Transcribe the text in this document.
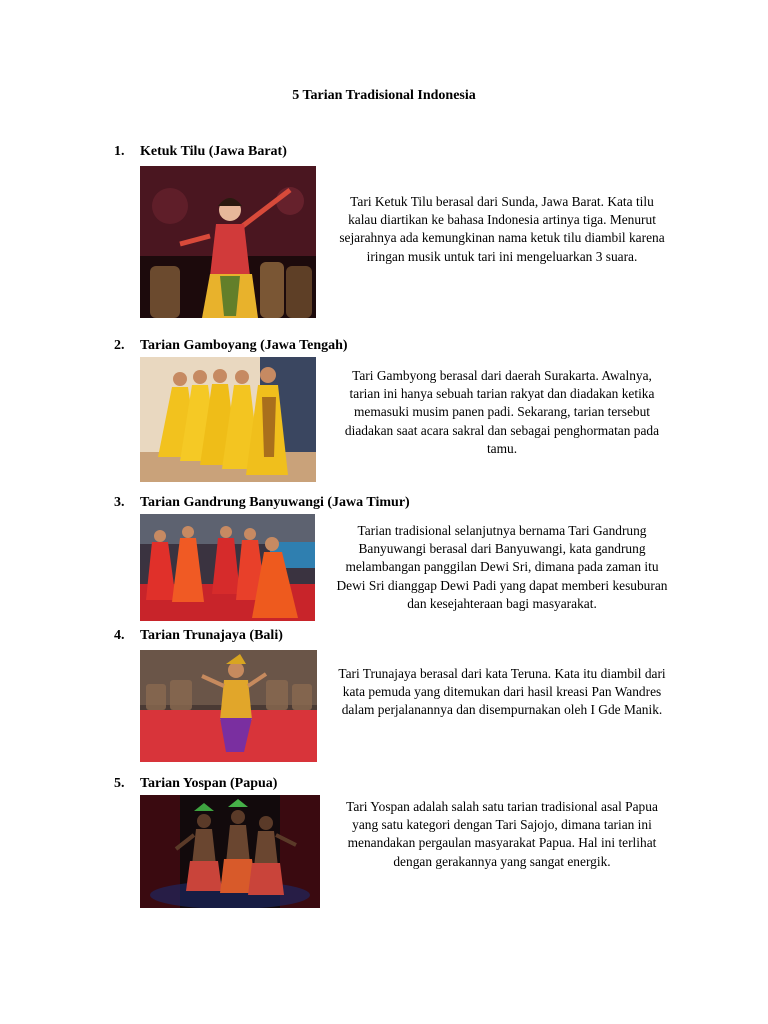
5 Tarian Tradisional Indonesia
1. Ketuk Tilu (Jawa Barat)
Tari Ketuk Tilu berasal dari Sunda, Jawa Barat. Kata tilu kalau diartikan ke bahasa Indonesia artinya tiga. Menurut sejarahnya ada kemungkinan nama ketuk tilu diambil karena iringan musik untuk tari ini mengeluarkan 3 suara.
2. Tarian Gamboyang (Jawa Tengah)
Tari Gambyong berasal dari daerah Surakarta. Awalnya, tarian ini hanya sebuah tarian rakyat dan diadakan ketika memasuki musim panen padi. Sekarang, tarian tersebut diadakan saat acara sakral dan sebagai penghormatan pada tamu.
3. Tarian Gandrung Banyuwangi (Jawa Timur)
Tarian tradisional selanjutnya bernama Tari Gandrung Banyuwangi berasal dari Banyuwangi, kata gandrung melambangan panggilan Dewi Sri, dimana pada zaman itu Dewi Sri dianggap Dewi Padi yang dapat memberi kesuburan dan kesejahteraan bagi masyarakat.
4. Tarian Trunajaya (Bali)
Tari Trunajaya berasal dari kata Teruna. Kata itu diambil dari kata pemuda yang ditemukan dari hasil kreasi Pan Wandres dalam perjalanannya dan disempurnakan oleh I Gde Manik.
5. Tarian Yospan (Papua)
Tari Yospan adalah salah satu tarian tradisional asal Papua yang satu kategori dengan Tari Sajojo, dimana tarian ini menandakan pergaulan masyarakat Papua. Hal ini terlihat dengan gerakannya yang sangat energik.
